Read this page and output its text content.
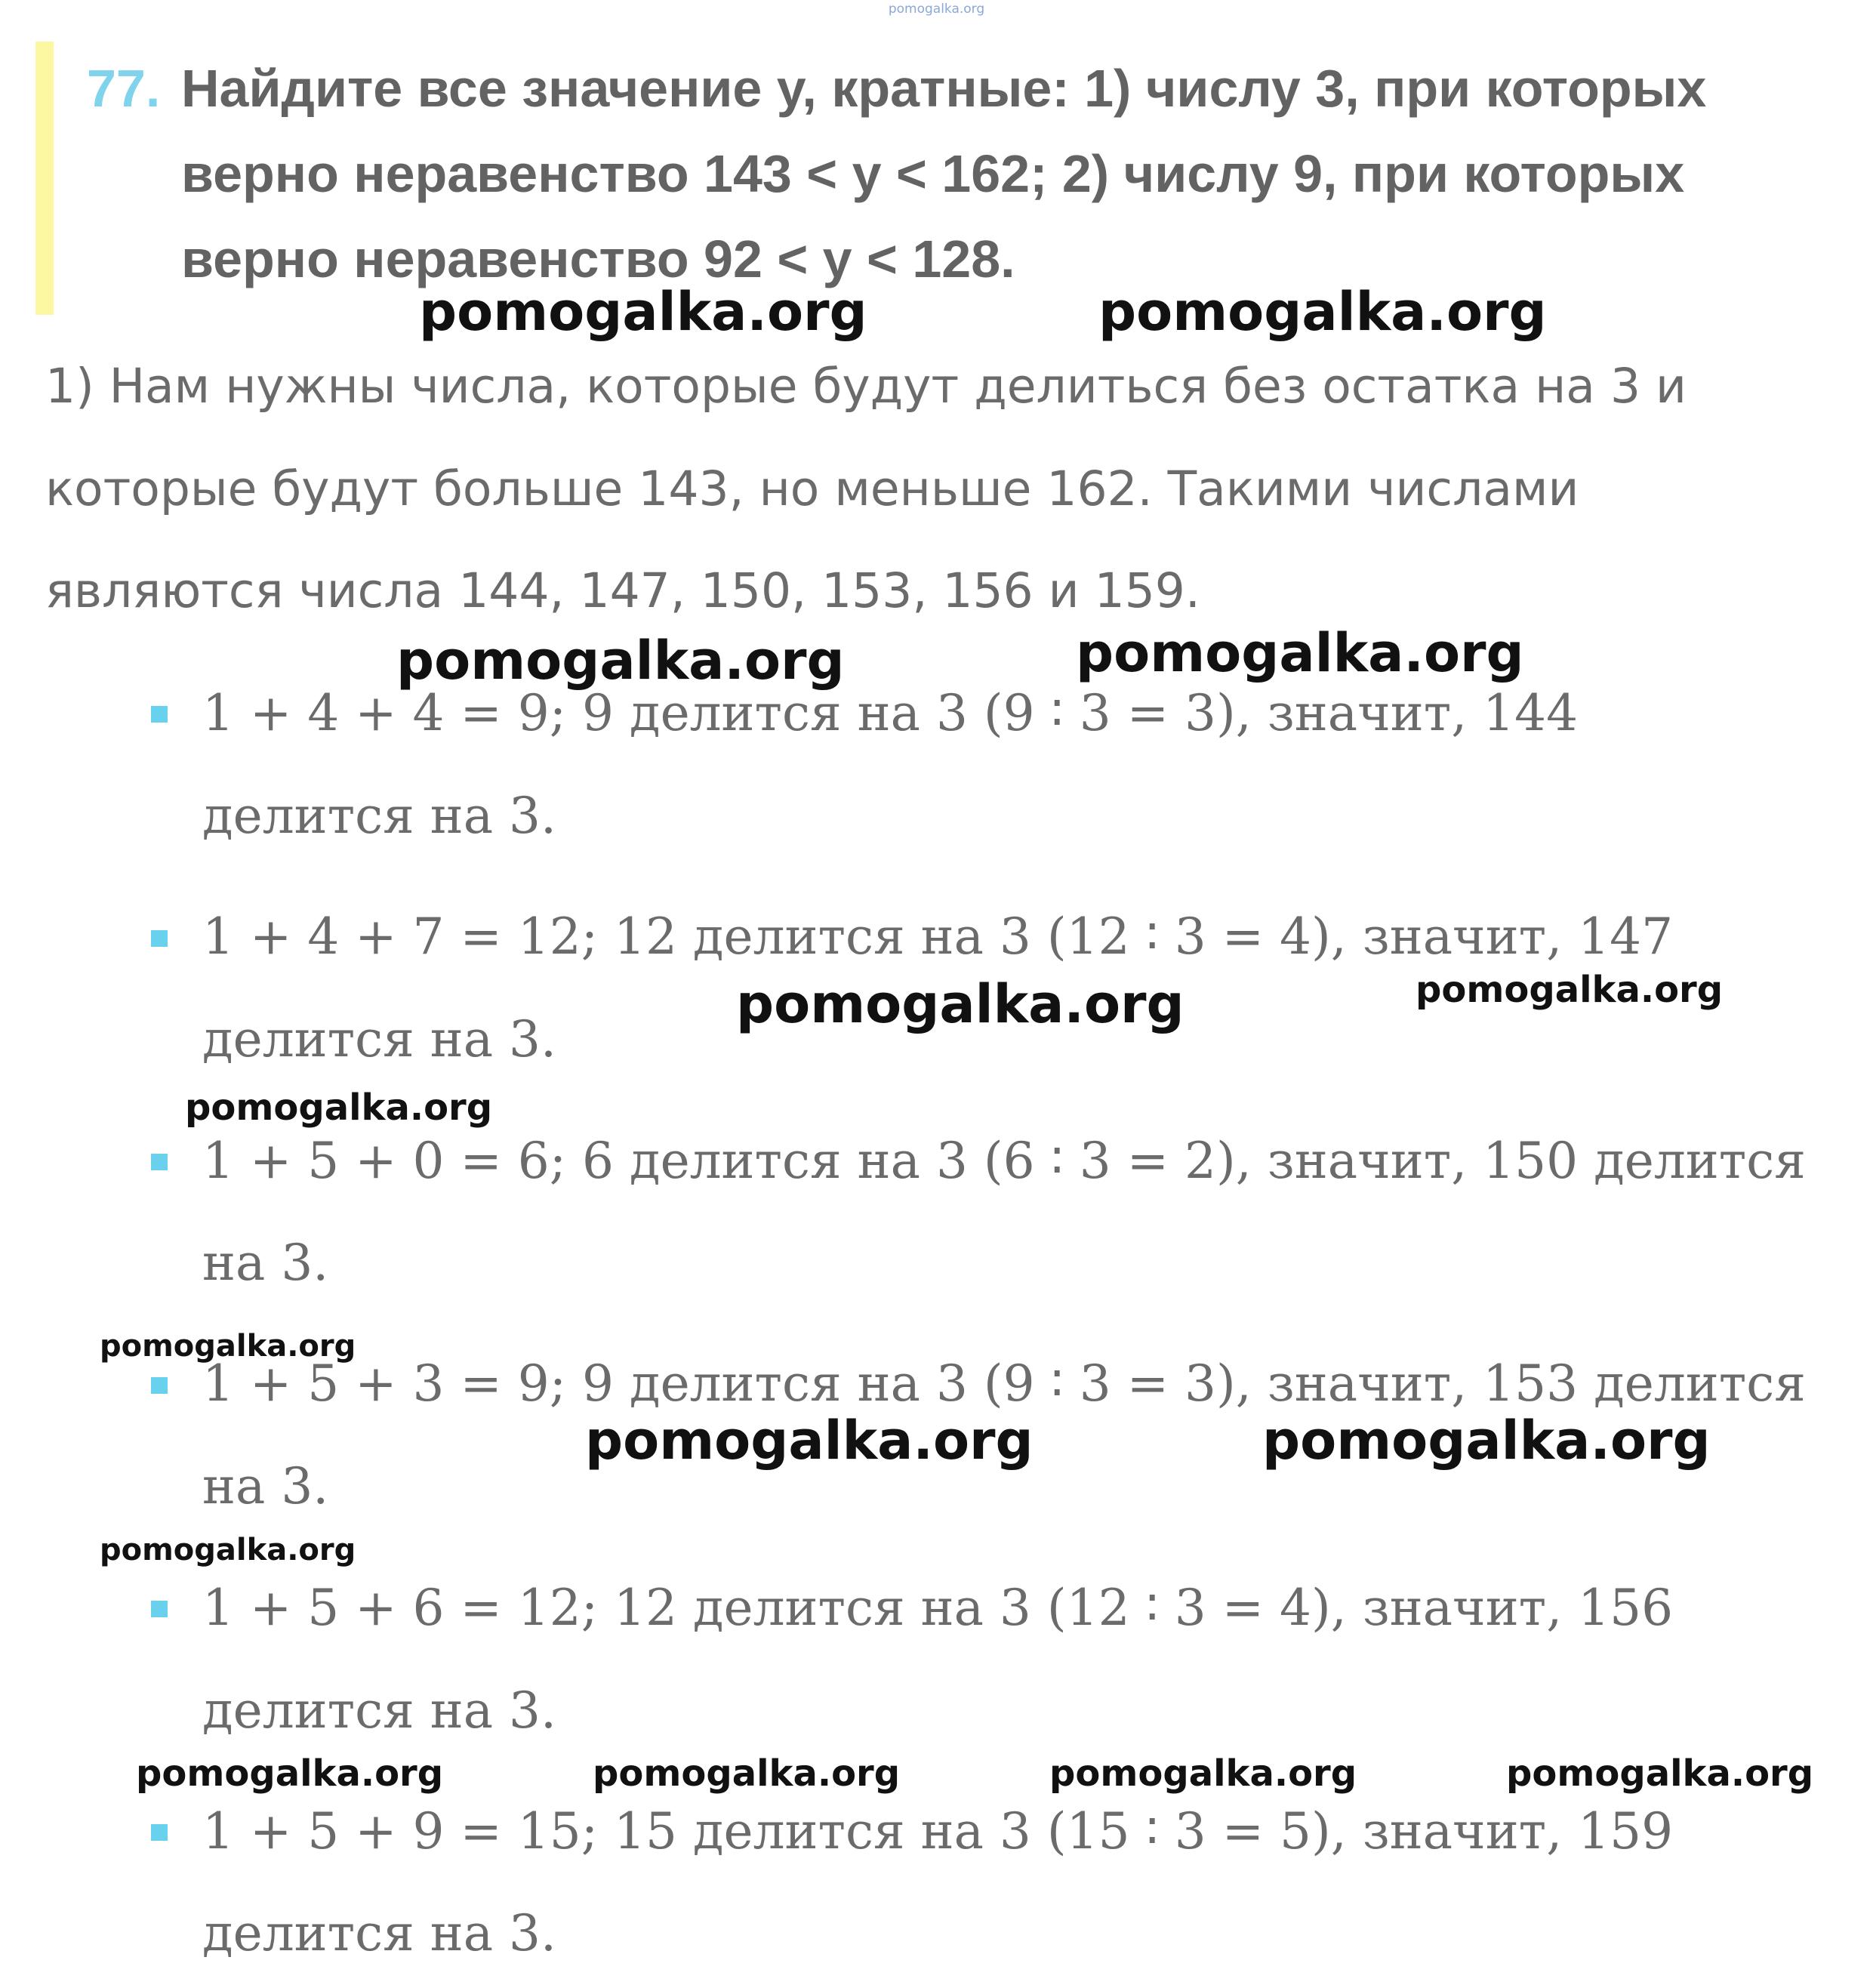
pomogalka.org
77. Найдите все значение у, кратные: 1) числу 3, при которых
верно неравенство 143 < у < 162; 2) числу 9, при которых
верно неравенство 92 < у < 128.
pomogalka.org	pomogalka.org
1) Нам нужны числа, которые будут делиться без остатка на 3 и
которые будут больше 143, но меньше 162. Такими числами
являются числа 144, 147, 150, 153, 156 и 159.
pomogalka.org	pomogalka.org
1 + 4 + 4 = 9; 9 делится на 3 (9 ∶ 3 = 3), значит, 144
делится на 3.
1 + 4 + 7 = 12; 12 делится на 3 (12 ∶ 3 = 4), значит, 147
делится на 3.
pomogalka.org	pomogalka.org
pomogalka.org
1 + 5 + 0 = 6; 6 делится на 3 (6 ∶ 3 = 2), значит, 150 делится
на 3.
pomogalka.org
1 + 5 + 3 = 9; 9 делится на 3 (9 ∶ 3 = 3), значит, 153 делится
на 3.
pomogalka.org	pomogalka.org
pomogalka.org
1 + 5 + 6 = 12; 12 делится на 3 (12 ∶ 3 = 4), значит, 156
делится на 3.
pomogalka.org	pomogalka.org	pomogalka.org	pomogalka.org
1 + 5 + 9 = 15; 15 делится на 3 (15 ∶ 3 = 5), значит, 159
делится на 3.
